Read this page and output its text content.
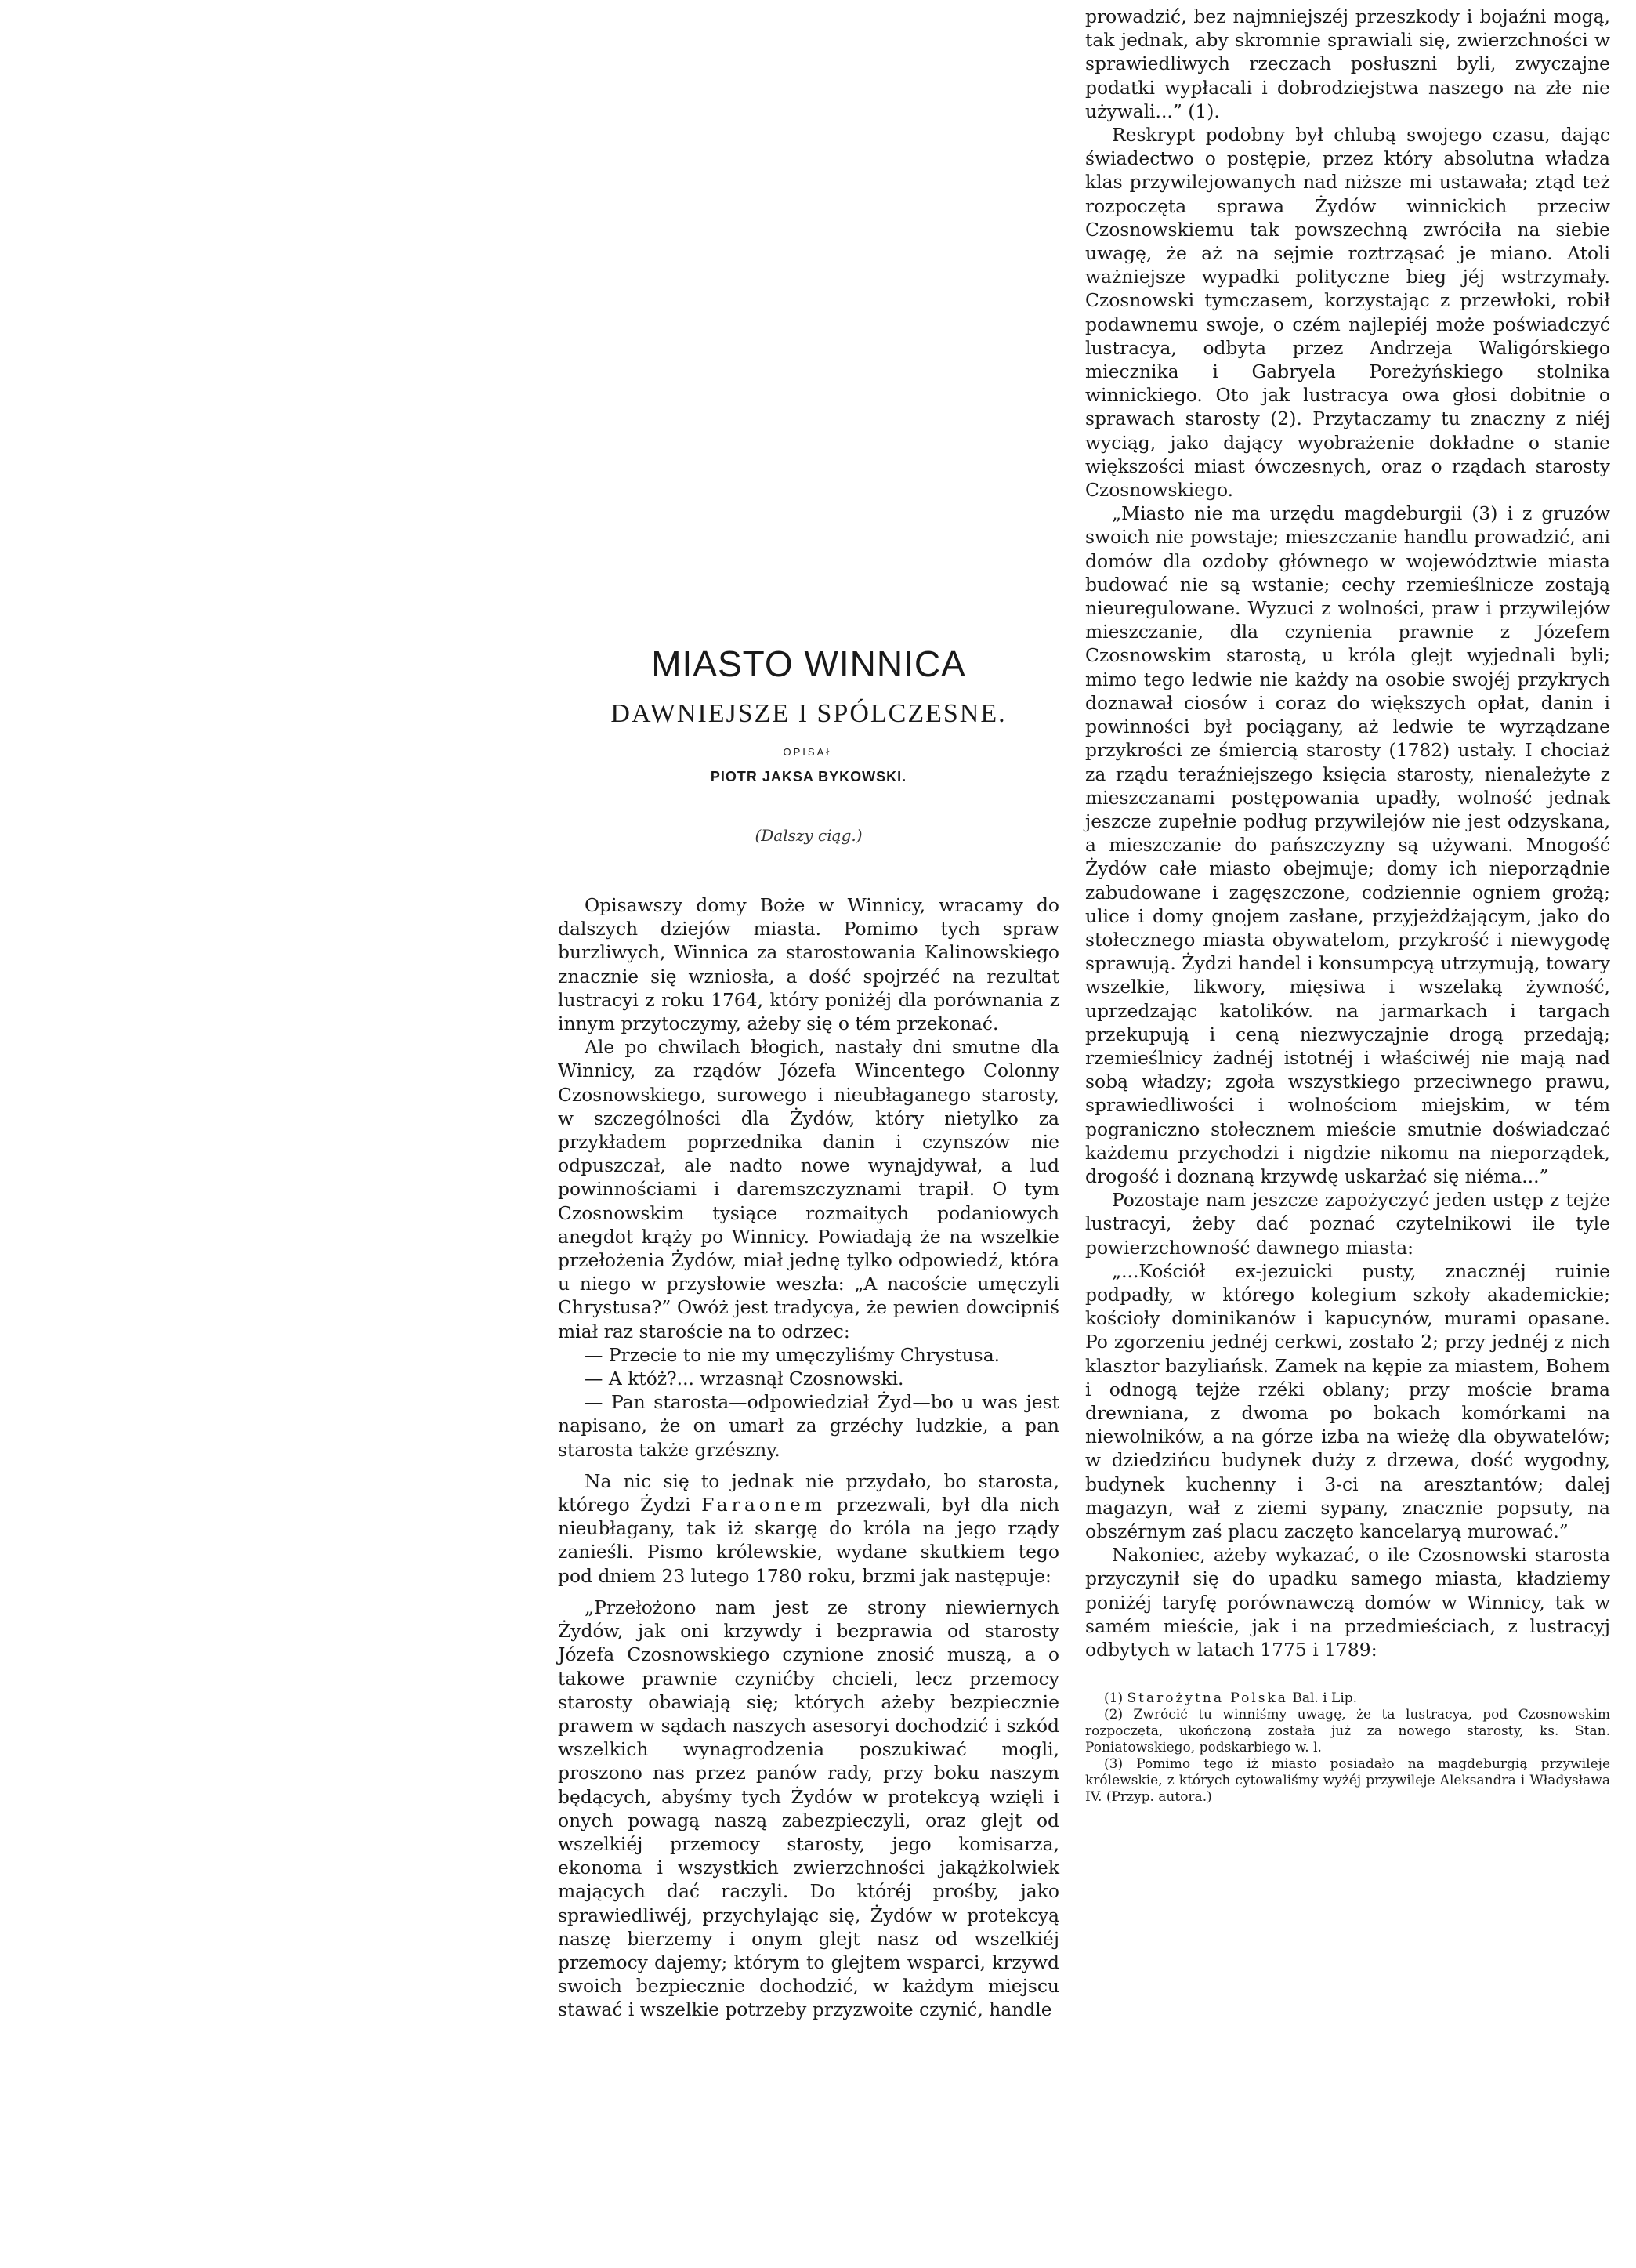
MIASTO WINNICA
DAWNIEJSZE I SPÓLCZESNE.
OPISAŁ
PIOTR JAKSA BYKOWSKI.
(Dalszy ciąg.)

Opisawszy domy Boże w Winnicy, wracamy do dalszych dziejów miasta. Pomimo tych spraw burzliwych, Winnica za starostowania Kalinowskiego znacznie się wzniosła, a dość spojrzéć na rezultat lustracyi z roku 1764, który poniżéj dla porównania z innym przytoczymy, ażeby się o tém przekonać.

Ale po chwilach błogich, nastały dni smutne dla Winnicy, za rządów Józefa Wincentego Colonny Czosnowskiego, surowego i nieubłaganego starosty, w szczególności dla Żydów, który nietylko za przykładem poprzednika danin i czynszów nie odpuszczał, ale nadto nowe wynajdywał, a lud powinnościami i daremszczyznami trapił. O tym Czosnowskim tysiące rozmaitych podaniowych anegdot krąży po Winnicy. Powiadają że na wszelkie przełożenia Żydów, miał jednę tylko odpowiedź, która u niego w przysłowie weszła: „A nacoście umęczyli Chrystusa?” Owóż jest tradycya, że pewien dowcipniś miał raz staroście na to odrzec:

— Przecie to nie my umęczyliśmy Chrystusa.

— A któż?... wrzasnął Czosnowski.

— Pan starosta—odpowiedział Żyd—bo u was jest napisano, że on umarł za grzéchy ludzkie, a pan starosta także grzészny.

Na nic się to jednak nie przydało, bo starosta, którego Żydzi Faraonem przezwali, był dla nich nieubłagany, tak iż skargę do króla na jego rządy zanieśli. Pismo królewskie, wydane skutkiem tego pod dniem 23 lutego 1780 roku, brzmi jak następuje:

„Przełożono nam jest ze strony niewiernych Żydów, jak oni krzywdy i bezprawia od starosty Józefa Czosnowskiego czynione znosić muszą, a o takowe prawnie czynićby chcieli, lecz przemocy starosty obawiają się; których ażeby bezpiecznie prawem w sądach naszych asesoryi dochodzić i szkód wszelkich wynagrodzenia poszukiwać mogli, proszono nas przez panów rady, przy boku naszym będących, abyśmy tych Żydów w protekcyą wzięli i onych powagą naszą zabezpieczyli, oraz glejt od wszelkiéj przemocy starosty, jego komisarza, ekonoma i wszystkich zwierzchności jakążkolwiek mających dać raczyli. Do któréj prośby, jako sprawiedliwéj, przychylając się, Żydów w protekcyą naszę bierzemy i onym glejt nasz od wszelkiéj przemocy dajemy; którym to glejtem wsparci, krzywd swoich bezpiecznie dochodzić, w każdym miejscu stawać i wszelkie potrzeby przyzwoite czynić, handle

prowadzić, bez najmniejszéj przeszkody i bojaźni mogą, tak jednak, aby skromnie sprawiali się, zwierzchności w sprawiedliwych rzeczach posłuszni byli, zwyczajne podatki wypłacali i dobrodziejstwa naszego na złe nie używali...” (1).

Reskrypt podobny był chlubą swojego czasu, dając świadectwo o postępie, przez który absolutna władza klas przywilejowanych nad niższe mi ustawała; ztąd też rozpoczęta sprawa Żydów winnickich przeciw Czosnowskiemu tak powszechną zwróciła na siebie uwagę, że aż na sejmie roztrząsać je miano. Atoli ważniejsze wypadki polityczne bieg jéj wstrzymały. Czosnowski tymczasem, korzystając z przewłoki, robił podawnemu swoje, o czém najlepiéj może poświadczyć lustracya, odbyta przez Andrzeja Waligórskiego miecznika i Gabryela Poreżyńskiego stolnika winnickiego. Oto jak lustracya owa głosi dobitnie o sprawach starosty (2). Przytaczamy tu znaczny z niéj wyciąg, jako dający wyobrażenie dokładne o stanie większości miast ówczesnych, oraz o rządach starosty Czosnowskiego.

„Miasto nie ma urzędu magdeburgii (3) i z gruzów swoich nie powstaje; mieszczanie handlu prowadzić, ani domów dla ozdoby głównego w województwie miasta budować nie są wstanie; cechy rzemieślnicze zostają nieuregulowane. Wyzuci z wolności, praw i przywilejów mieszczanie, dla czynienia prawnie z Józefem Czosnowskim starostą, u króla glejt wyjednali byli; mimo tego ledwie nie każdy na osobie swojéj przykrych doznawał ciosów i coraz do większych opłat, danin i powinności był pociągany, aż ledwie te wyrządzane przykrości ze śmiercią starosty (1782) ustały. I chociaż za rządu teraźniejszego księcia starosty, nienależyte z mieszczanami postępowania upadły, wolność jednak jeszcze zupełnie podług przywilejów nie jest odzyskana, a mieszczanie do pańszczyzny są używani. Mnogość Żydów całe miasto obejmuje; domy ich nieporządnie zabudowane i zagęszczone, codziennie ogniem grożą; ulice i domy gnojem zasłane, przyjeżdżającym, jako do stołecznego miasta obywatelom, przykrość i niewygodę sprawują. Żydzi handel i konsumpcyą utrzymują, towary wszelkie, likwory, mięsiwa i wszelaką żywność, uprzedzając katolików. na jarmarkach i targach przekupują i ceną niezwyczajnie drogą przedają; rzemieślnicy żadnéj istotnéj i właściwéj nie mają nad sobą władzy; zgoła wszystkiego przeciwnego prawu, sprawiedliwości i wolnościom miejskim, w tém pograniczno stołecznem mieście smutnie doświadczać każdemu przychodzi i nigdzie nikomu na nieporządek, drogość i doznaną krzywdę uskarżać się niéma...”

Pozostaje nam jeszcze zapożyczyć jeden ustęp z tejże lustracyi, żeby dać poznać czytelnikowi ile tyle powierzchowność dawnego miasta:

„...Kościół ex-jezuicki pusty, znacznéj ruinie podpadły, w którego kolegium szkoły akademickie; kościoły dominikanów i kapucynów, murami opasane. Po zgorzeniu jednéj cerkwi, zostało 2; przy jednéj z nich klasztor bazyliańsk. Zamek na kępie za miastem, Bohem i odnogą tejże rzéki oblany; przy moście brama drewniana, z dwoma po bokach komórkami na niewolników, a na górze izba na wieżę dla obywatelów; w dziedzińcu budynek duży z drzewa, dość wygodny, budynek kuchenny i 3-ci na aresztantów; dalej magazyn, wał z ziemi sypany, znacznie popsuty, na obszérnym zaś placu zaczęto kancelaryą murować.”

Nakoniec, ażeby wykazać, o ile Czosnowski starosta przyczynił się do upadku samego miasta, kładziemy poniżéj taryfę porównawczą domów w Winnicy, tak w samém mieście, jak i na przedmieściach, z lustracyj odbytych w latach 1775 i 1789:

(1) Starożytna Polska Bal. i Lip.

(2) Zwrócić tu winniśmy uwagę, że ta lustracya, pod Czosnowskim rozpoczęta, ukończoną została już za nowego starosty, ks. Stan. Poniatowskiego, podskarbiego w. l.

(3) Pomimo tego iż miasto posiadało na magdeburgią przywileje królewskie, z których cytowaliśmy wyżéj przywileje Aleksandra i Władysława IV. (Przyp. autora.)
